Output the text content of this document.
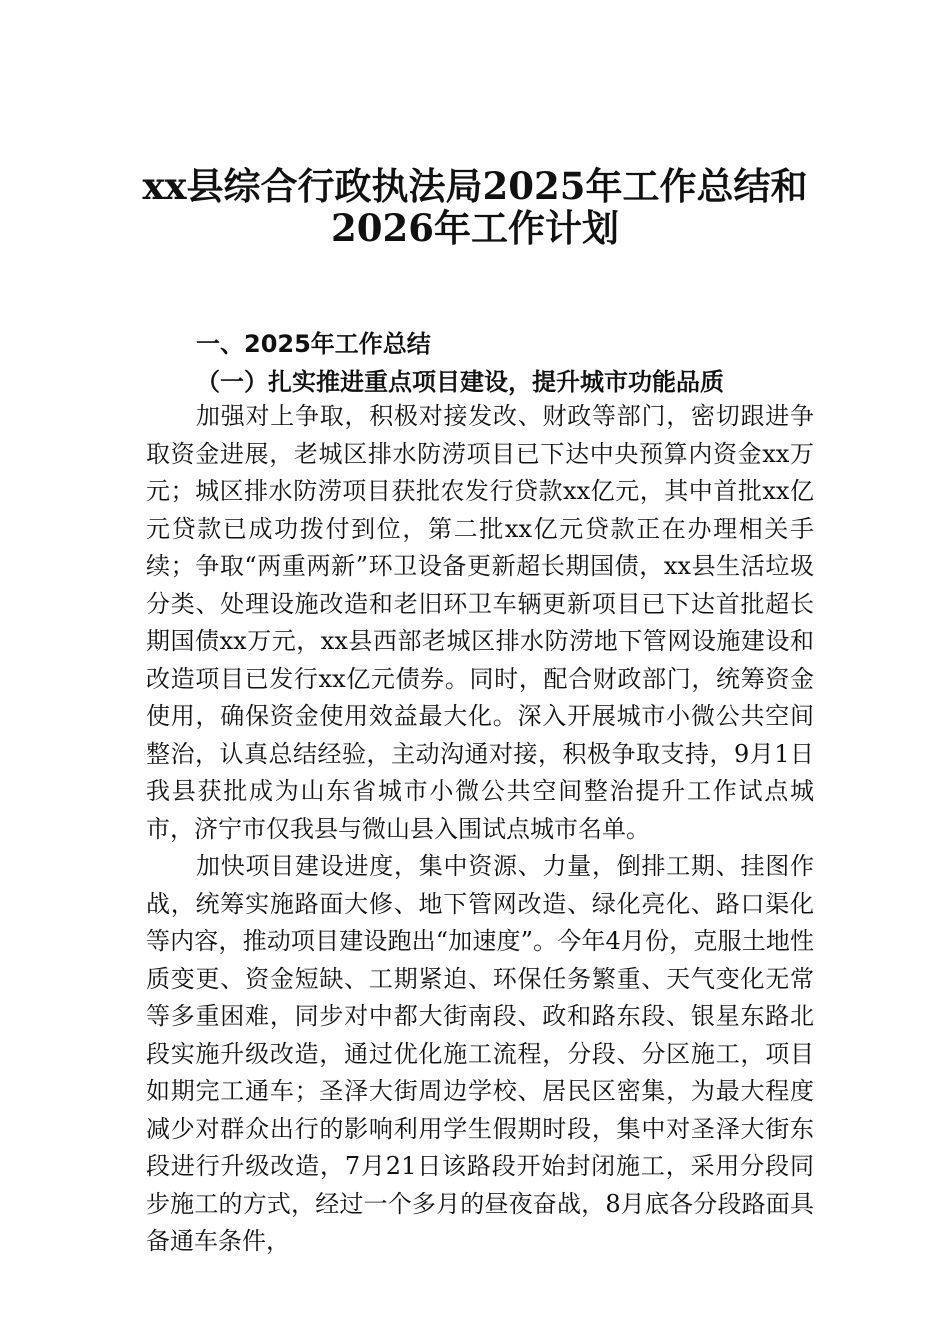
xx县综合行政执法局2025年工作总结和
2026年工作计划
一、2025年工作总结
（一）扎实推进重点项目建设，提升城市功能品质

加强对上争取，积极对接发改、财政等部门，密切跟进争取资金进展，老城区排水防涝项目已下达中央预算内资金xx万元；城区排水防涝项目获批农发行贷款xx亿元，其中首批xx亿元贷款已成功拨付到位，第二批xx亿元贷款正在办理相关手续；争取“两重两新”环卫设备更新超长期国债，xx县生活垃圾分类、处理设施改造和老旧环卫车辆更新项目已下达首批超长期国债xx万元，xx县西部老城区排水防涝地下管网设施建设和改造项目已发行xx亿元债券。同时，配合财政部门，统筹资金使用，确保资金使用效益最大化。深入开展城市小微公共空间整治，认真总结经验，主动沟通对接，积极争取支持，9月1日我县获批成为山东省城市小微公共空间整治提升工作试点城市，济宁市仅我县与微山县入围试点城市名单。

加快项目建设进度，集中资源、力量，倒排工期、挂图作战，统筹实施路面大修、地下管网改造、绿化亮化、路口渠化等内容，推动项目建设跑出“加速度”。今年4月份，克服土地性质变更、资金短缺、工期紧迫、环保任务繁重、天气变化无常等多重困难，同步对中都大街南段、政和路东段、银星东路北段实施升级改造，通过优化施工流程，分段、分区施工，项目如期完工通车；圣泽大街周边学校、居民区密集，为最大程度减少对群众出行的影响利用学生假期时段，集中对圣泽大街东段进行升级改造，7月21日该路段开始封闭施工，采用分段同步施工的方式，经过一个多月的昼夜奋战，8月底各分段路面具备通车条件，
